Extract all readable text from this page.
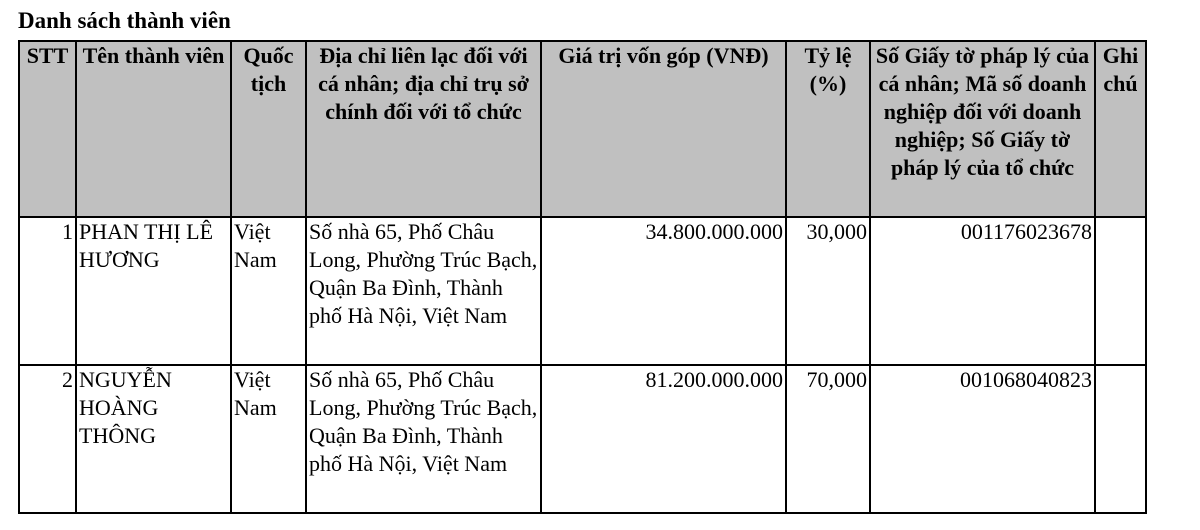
Danh sách thành viên
STT	Tên thành viên	Quốc tịch	Địa chỉ liên lạc đối với cá nhân; địa chỉ trụ sở chính đối với tổ chức	Giá trị vốn góp (VNĐ)	Tỷ lệ (%)	Số Giấy tờ pháp lý của cá nhân; Mã số doanh nghiệp đối với doanh nghiệp; Số Giấy tờ pháp lý của tổ chức	Ghi chú
1	PHAN THỊ LÊ HƯƠNG	Việt Nam	Số nhà 65, Phố Châu Long, Phường Trúc Bạch, Quận Ba Đình, Thành phố Hà Nội, Việt Nam	34.800.000.000	30,000	001176023678	
2	NGUYỄN HOÀNG THÔNG	Việt Nam	Số nhà 65, Phố Châu Long, Phường Trúc Bạch, Quận Ba Đình, Thành phố Hà Nội, Việt Nam	81.200.000.000	70,000	001068040823	
